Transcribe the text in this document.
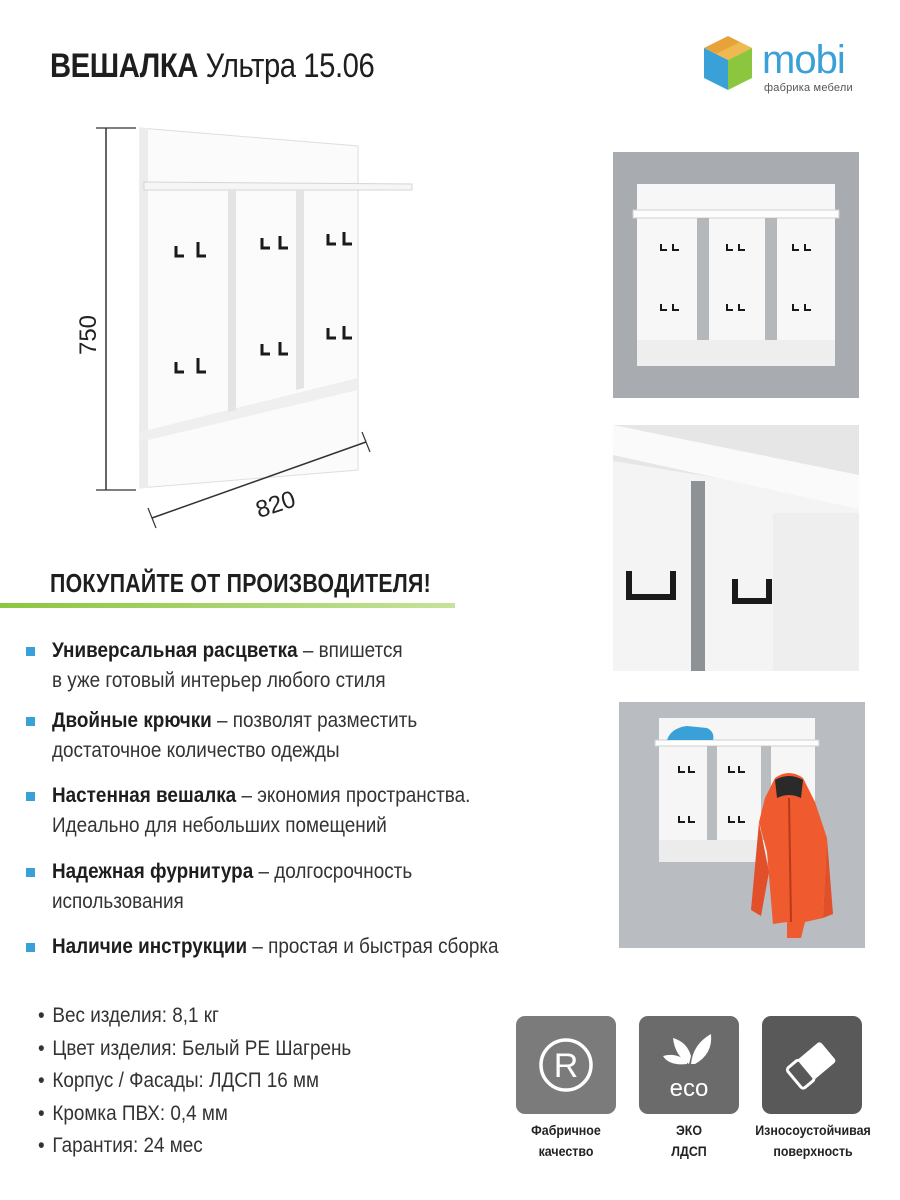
ВЕШАЛКА Ультра 15.06	mobi
фабрика мебели
750
820
ПОКУПАЙТЕ ОТ ПРОИЗВОДИТЕЛЯ!
Универсальная расцветка – впишется
в уже готовый интерьер любого стиля
Двойные крючки – позволят разместить
достаточное количество одежды
Настенная вешалка – экономия пространства.
Идеально для небольших помещений
Надежная фурнитура – долгосрочность
использования
Наличие инструкции – простая и быстрая сборка
• Вес изделия: 8,1 кг
• Цвет изделия: Белый PE Шагрень
• Корпус / Фасады: ЛДСП 16 мм
• Кромка ПВХ: 0,4 мм
• Гарантия: 24 мес
R
eco
Фабричное
качество
ЭКО
ЛДСП
Износоустойчивая
поверхность
